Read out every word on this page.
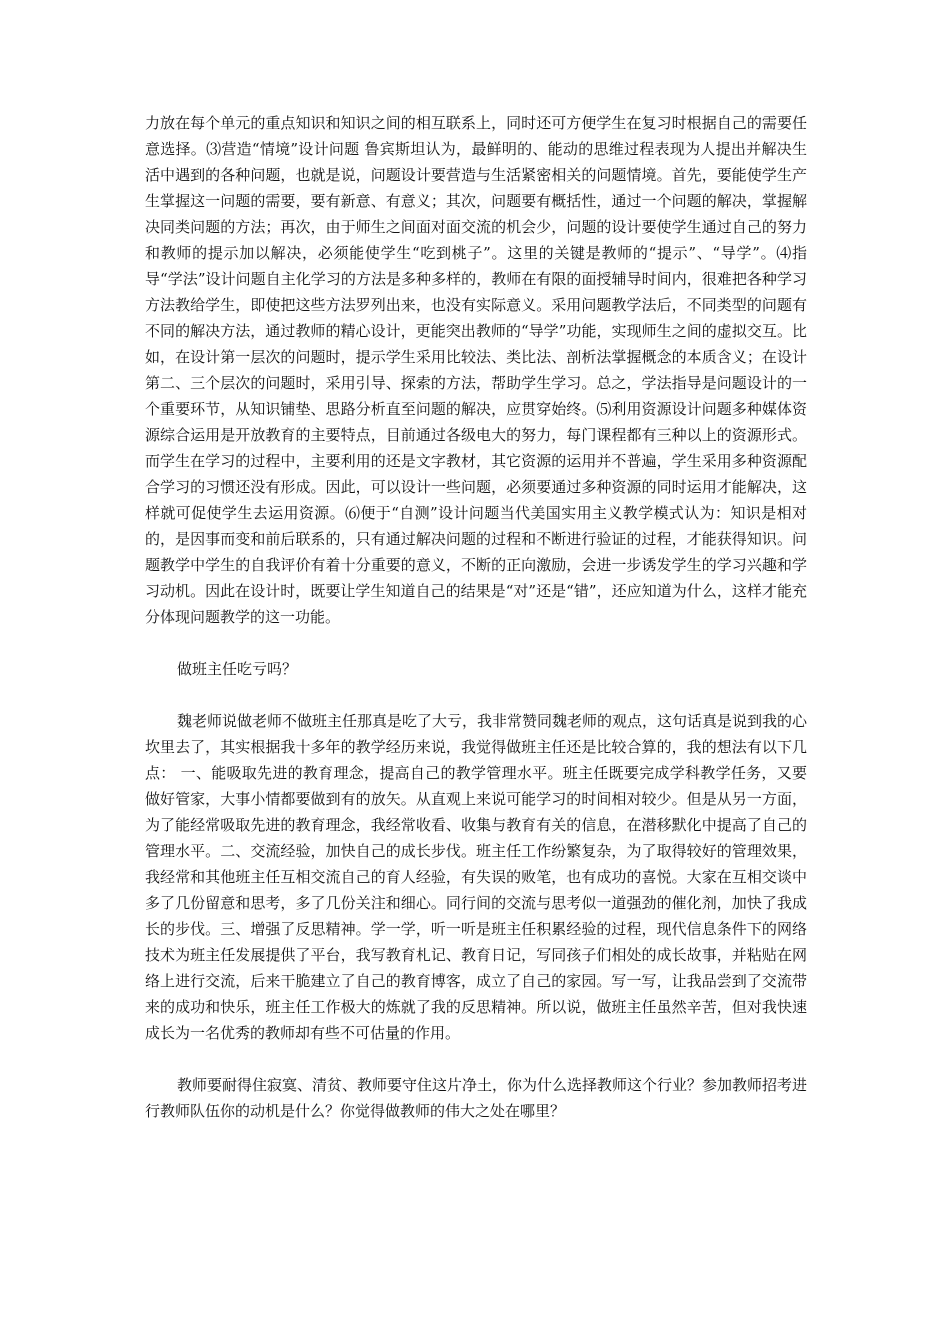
力放在每个单元的重点知识和知识之间的相互联系上，同时还可方便学生在复习时根据自己的需要任意选择。⑶营造“情境”设计问题 鲁宾斯坦认为，最鲜明的、能动的思维过程表现为人提出并解决生活中遇到的各种问题，也就是说，问题设计要营造与生活紧密相关的问题情境。首先，要能使学生产生掌握这一问题的需要，要有新意、有意义；其次，问题要有概括性，通过一个问题的解决，掌握解决同类问题的方法；再次，由于师生之间面对面交流的机会少，问题的设计要使学生通过自己的努力和教师的提示加以解决，必须能使学生“吃到桃子”。这里的关键是教师的“提示”、“导学”。⑷指导“学法”设计问题自主化学习的方法是多种多样的，教师在有限的面授辅导时间内，很难把各种学习方法教给学生，即使把这些方法罗列出来，也没有实际意义。采用问题教学法后，不同类型的问题有不同的解决方法，通过教师的精心设计，更能突出教师的“导学”功能，实现师生之间的虚拟交互。比如，在设计第一层次的问题时，提示学生采用比较法、类比法、剖析法掌握概念的本质含义；在设计第二、三个层次的问题时，采用引导、探索的方法，帮助学生学习。总之，学法指导是问题设计的一个重要环节，从知识铺垫、思路分析直至问题的解决，应贯穿始终。⑸利用资源设计问题多种媒体资源综合运用是开放教育的主要特点，目前通过各级电大的努力，每门课程都有三种以上的资源形式。而学生在学习的过程中，主要利用的还是文字教材，其它资源的运用并不普遍，学生采用多种资源配合学习的习惯还没有形成。因此，可以设计一些问题，必须要通过多种资源的同时运用才能解决，这样就可促使学生去运用资源。⑹便于“自测”设计问题当代美国实用主义教学模式认为：知识是相对的，是因事而变和前后联系的，只有通过解决问题的过程和不断进行验证的过程，才能获得知识。问题教学中学生的自我评价有着十分重要的意义，不断的正向激励，会进一步诱发学生的学习兴趣和学习动机。因此在设计时，既要让学生知道自己的结果是“对”还是“错”，还应知道为什么，这样才能充分体现问题教学的这一功能。

做班主任吃亏吗？

魏老师说做老师不做班主任那真是吃了大亏，我非常赞同魏老师的观点，这句话真是说到我的心坎里去了，其实根据我十多年的教学经历来说，我觉得做班主任还是比较合算的，我的想法有以下几点： 一、能吸取先进的教育理念，提高自己的教学管理水平。班主任既要完成学科教学任务，又要做好管家，大事小情都要做到有的放矢。从直观上来说可能学习的时间相对较少。但是从另一方面，为了能经常吸取先进的教育理念，我经常收看、收集与教育有关的信息，在潜移默化中提高了自己的管理水平。二、交流经验，加快自己的成长步伐。班主任工作纷繁复杂，为了取得较好的管理效果，我经常和其他班主任互相交流自己的育人经验，有失误的败笔，也有成功的喜悦。大家在互相交谈中多了几份留意和思考，多了几份关注和细心。同行间的交流与思考似一道强劲的催化剂，加快了我成长的步伐。三、增强了反思精神。学一学，听一听是班主任积累经验的过程，现代信息条件下的网络技术为班主任发展提供了平台，我写教育札记、教育日记，写同孩子们相处的成长故事，并粘贴在网络上进行交流，后来干脆建立了自己的教育博客，成立了自己的家园。写一写，让我品尝到了交流带来的成功和快乐，班主任工作极大的炼就了我的反思精神。所以说，做班主任虽然辛苦，但对我快速成长为一名优秀的教师却有些不可估量的作用。

教师要耐得住寂寞、清贫、教师要守住这片净土，你为什么选择教师这个行业？参加教师招考进行教师队伍你的动机是什么？你觉得做教师的伟大之处在哪里？
